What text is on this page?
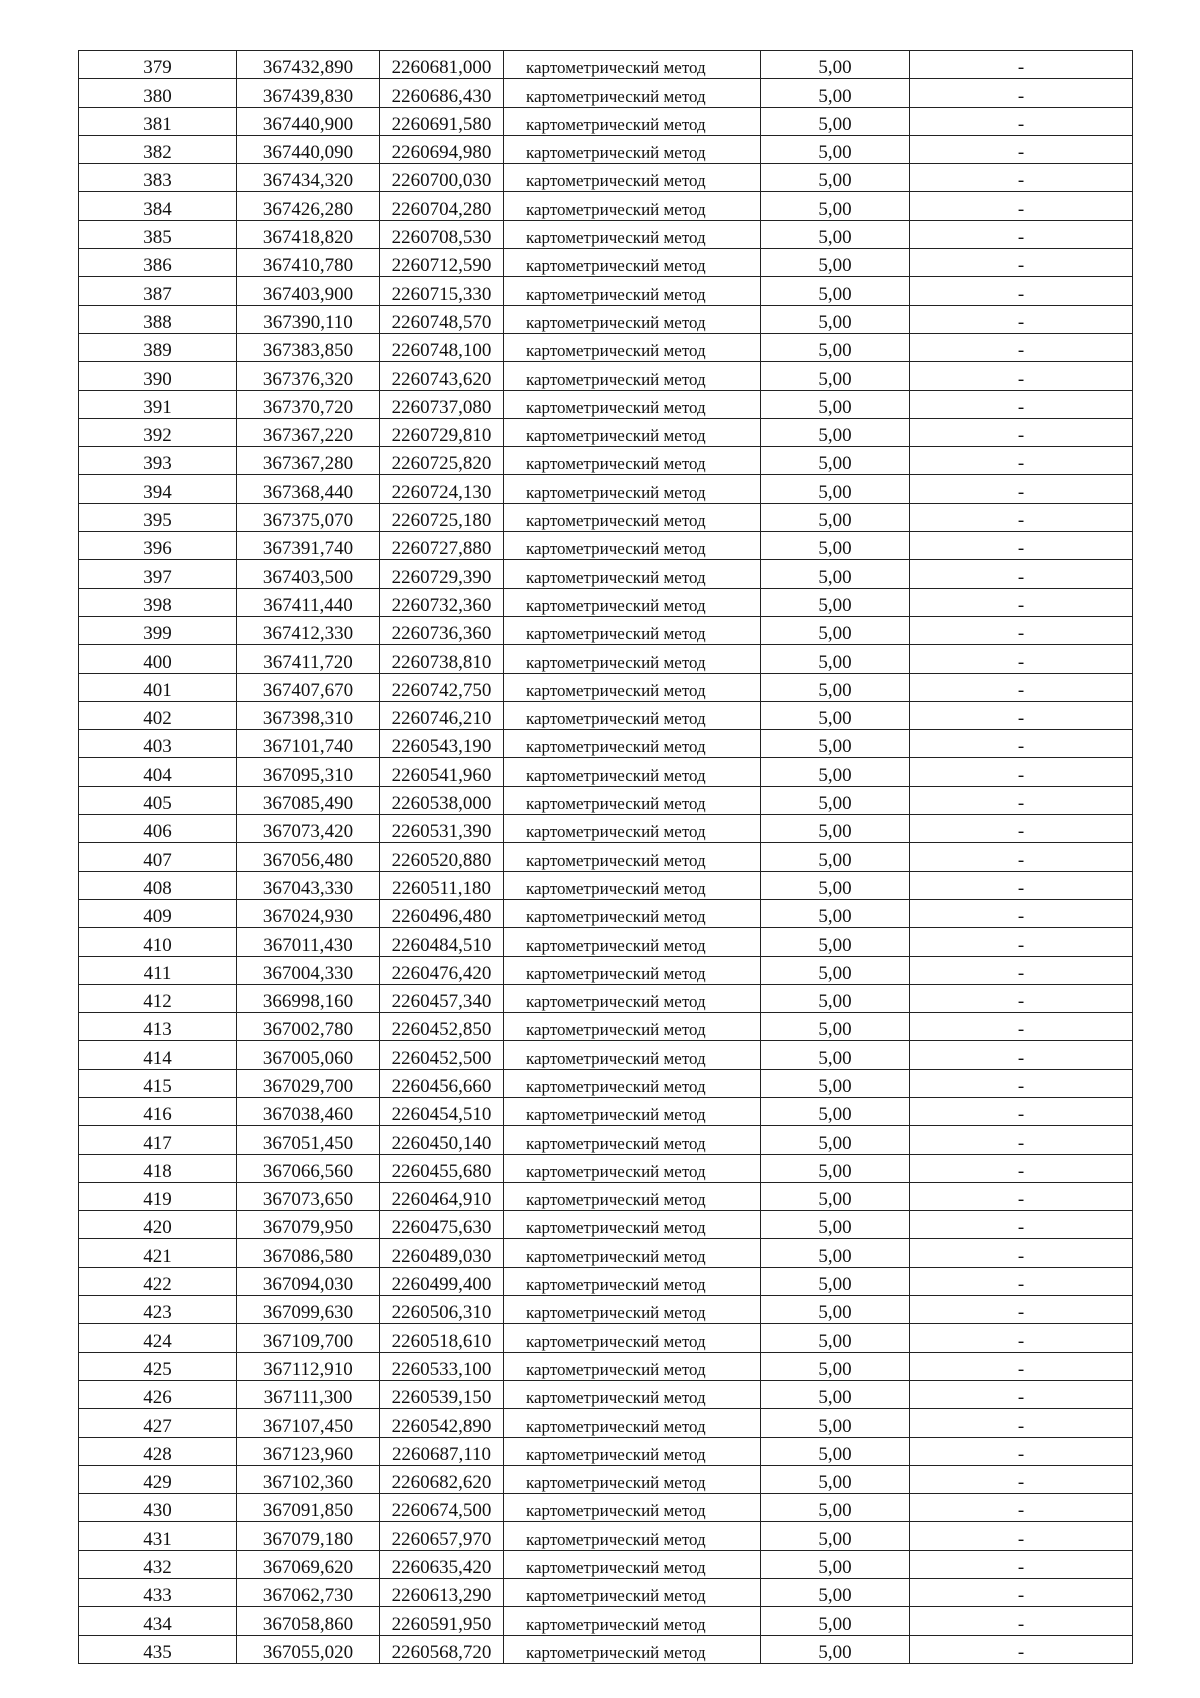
379	367432,890	2260681,000	картометрический метод	5,00	-
380	367439,830	2260686,430	картометрический метод	5,00	-
381	367440,900	2260691,580	картометрический метод	5,00	-
382	367440,090	2260694,980	картометрический метод	5,00	-
383	367434,320	2260700,030	картометрический метод	5,00	-
384	367426,280	2260704,280	картометрический метод	5,00	-
385	367418,820	2260708,530	картометрический метод	5,00	-
386	367410,780	2260712,590	картометрический метод	5,00	-
387	367403,900	2260715,330	картометрический метод	5,00	-
388	367390,110	2260748,570	картометрический метод	5,00	-
389	367383,850	2260748,100	картометрический метод	5,00	-
390	367376,320	2260743,620	картометрический метод	5,00	-
391	367370,720	2260737,080	картометрический метод	5,00	-
392	367367,220	2260729,810	картометрический метод	5,00	-
393	367367,280	2260725,820	картометрический метод	5,00	-
394	367368,440	2260724,130	картометрический метод	5,00	-
395	367375,070	2260725,180	картометрический метод	5,00	-
396	367391,740	2260727,880	картометрический метод	5,00	-
397	367403,500	2260729,390	картометрический метод	5,00	-
398	367411,440	2260732,360	картометрический метод	5,00	-
399	367412,330	2260736,360	картометрический метод	5,00	-
400	367411,720	2260738,810	картометрический метод	5,00	-
401	367407,670	2260742,750	картометрический метод	5,00	-
402	367398,310	2260746,210	картометрический метод	5,00	-
403	367101,740	2260543,190	картометрический метод	5,00	-
404	367095,310	2260541,960	картометрический метод	5,00	-
405	367085,490	2260538,000	картометрический метод	5,00	-
406	367073,420	2260531,390	картометрический метод	5,00	-
407	367056,480	2260520,880	картометрический метод	5,00	-
408	367043,330	2260511,180	картометрический метод	5,00	-
409	367024,930	2260496,480	картометрический метод	5,00	-
410	367011,430	2260484,510	картометрический метод	5,00	-
411	367004,330	2260476,420	картометрический метод	5,00	-
412	366998,160	2260457,340	картометрический метод	5,00	-
413	367002,780	2260452,850	картометрический метод	5,00	-
414	367005,060	2260452,500	картометрический метод	5,00	-
415	367029,700	2260456,660	картометрический метод	5,00	-
416	367038,460	2260454,510	картометрический метод	5,00	-
417	367051,450	2260450,140	картометрический метод	5,00	-
418	367066,560	2260455,680	картометрический метод	5,00	-
419	367073,650	2260464,910	картометрический метод	5,00	-
420	367079,950	2260475,630	картометрический метод	5,00	-
421	367086,580	2260489,030	картометрический метод	5,00	-
422	367094,030	2260499,400	картометрический метод	5,00	-
423	367099,630	2260506,310	картометрический метод	5,00	-
424	367109,700	2260518,610	картометрический метод	5,00	-
425	367112,910	2260533,100	картометрический метод	5,00	-
426	367111,300	2260539,150	картометрический метод	5,00	-
427	367107,450	2260542,890	картометрический метод	5,00	-
428	367123,960	2260687,110	картометрический метод	5,00	-
429	367102,360	2260682,620	картометрический метод	5,00	-
430	367091,850	2260674,500	картометрический метод	5,00	-
431	367079,180	2260657,970	картометрический метод	5,00	-
432	367069,620	2260635,420	картометрический метод	5,00	-
433	367062,730	2260613,290	картометрический метод	5,00	-
434	367058,860	2260591,950	картометрический метод	5,00	-
435	367055,020	2260568,720	картометрический метод	5,00	-
